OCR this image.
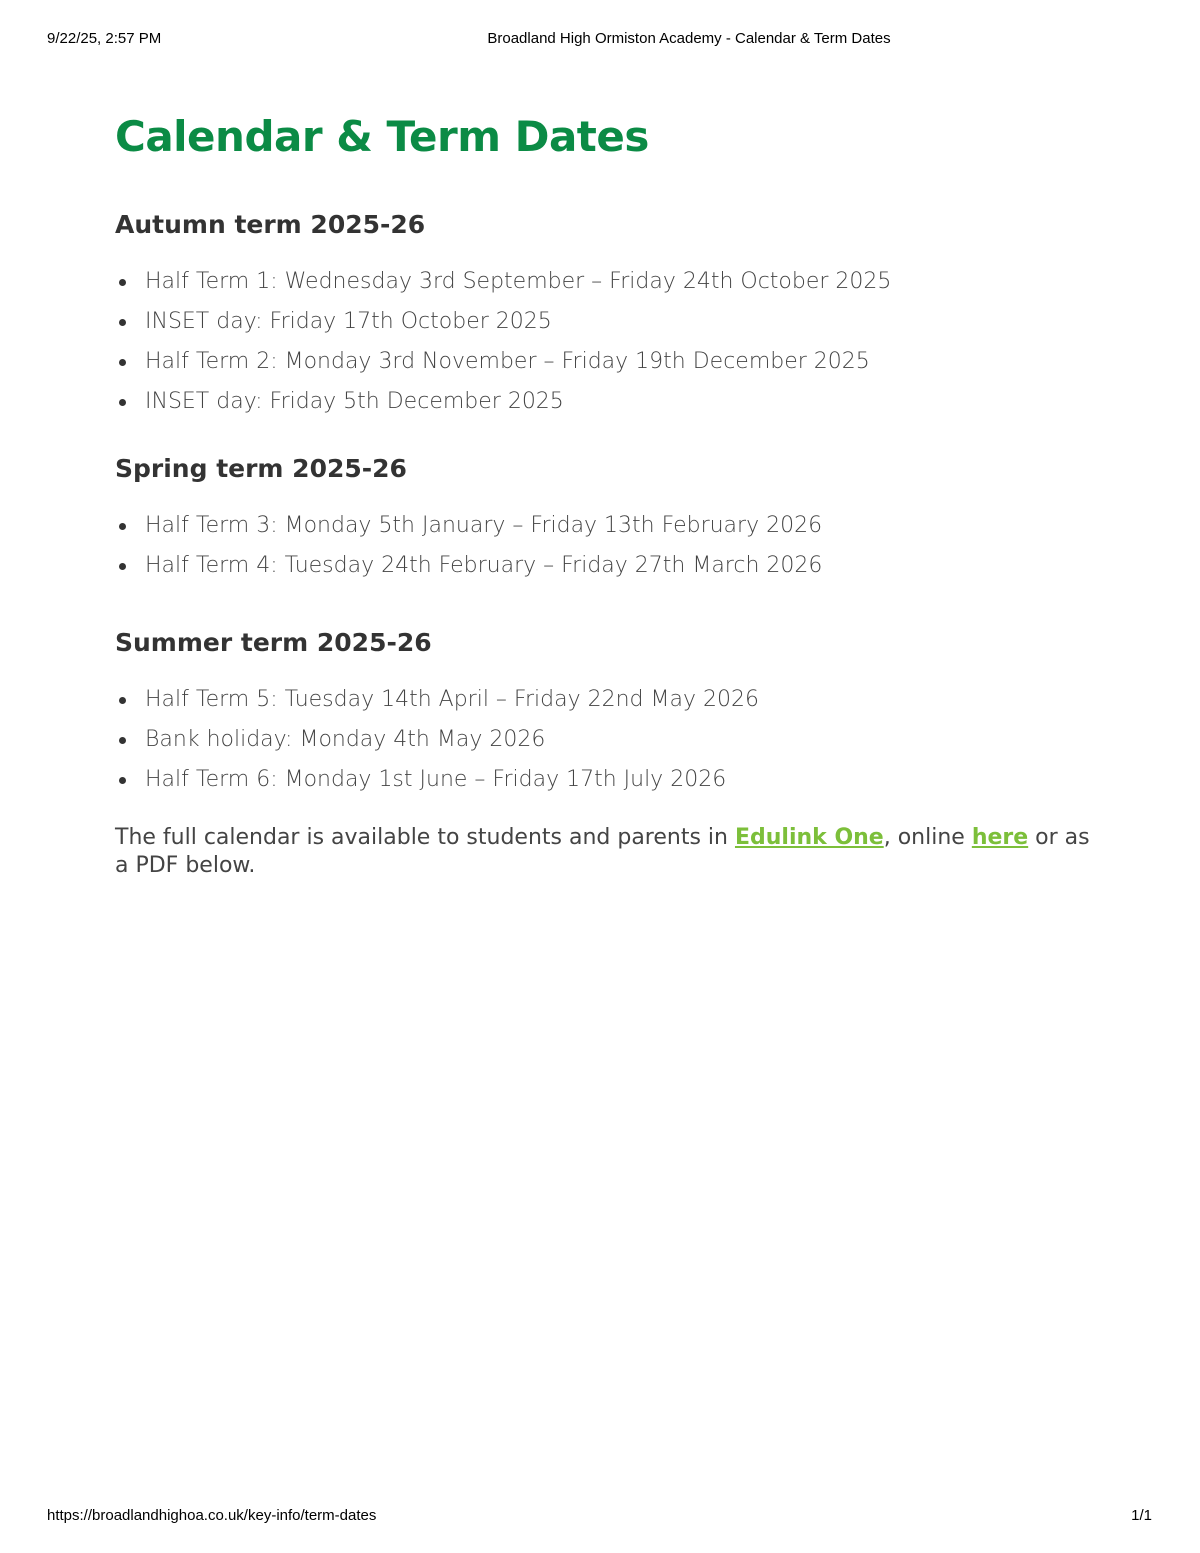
9/22/25, 2:57 PM	Broadland High Ormiston Academy - Calendar & Term Dates
Calendar & Term Dates
Autumn term 2025-26
Half Term 1: Wednesday 3rd September – Friday 24th October 2025
INSET day: Friday 17th October 2025
Half Term 2: Monday 3rd November – Friday 19th December 2025
INSET day: Friday 5th December 2025
Spring term 2025-26
Half Term 3: Monday 5th January – Friday 13th February 2026
Half Term 4: Tuesday 24th February – Friday 27th March 2026
Summer term 2025-26
Half Term 5: Tuesday 14th April – Friday 22nd May 2026
Bank holiday: Monday 4th May 2026
Half Term 6: Monday 1st June – Friday 17th July 2026

The full calendar is available to students and parents in Edulink One, online here or as a PDF below.

https://broadlandhighoa.co.uk/key-info/term-dates	1/1
